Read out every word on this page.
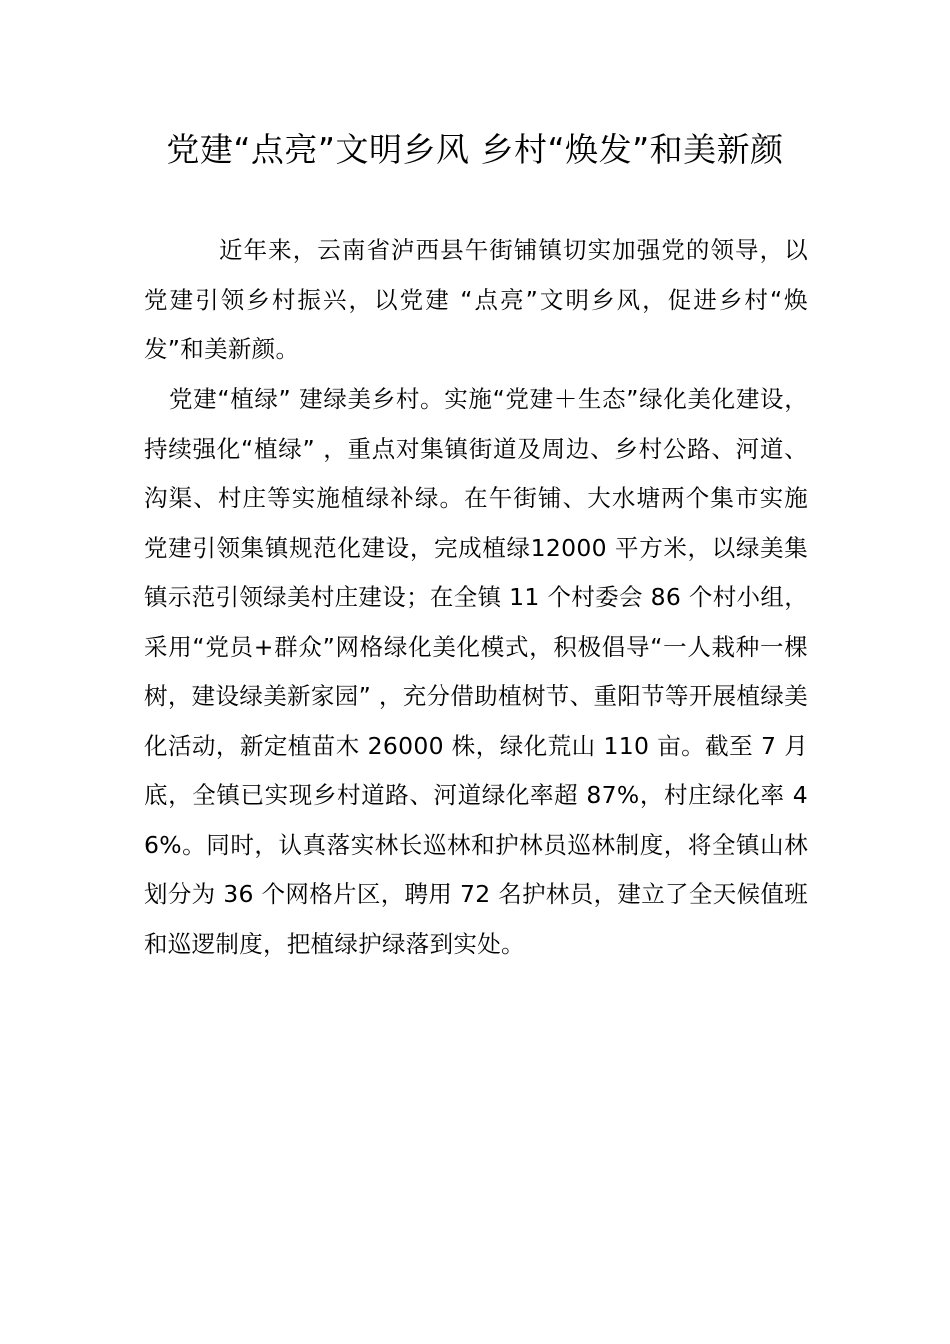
党建“点亮”文明乡风 乡村“焕发”和美新颜

近年来，云南省泸西县午街铺镇切实加强党的领导，以党建引领乡村振兴，以党建 “点亮”文明乡风，促进乡村“焕发”和美新颜。

党建“植绿” 建绿美乡村。实施“党建＋生态”绿化美化建设，持续强化“植绿” ，重点对集镇街道及周边、乡村公路、河道、沟渠、村庄等实施植绿补绿。在午街铺、大水塘两个集市实施党建引领集镇规范化建设，完成植绿12000 平方米，以绿美集镇示范引领绿美村庄建设；在全镇 11 个村委会 86 个村小组，采用“党员+群众”网格绿化美化模式，积极倡导“一人栽种一棵树，建设绿美新家园” ，充分借助植树节、重阳节等开展植绿美化活动，新定植苗木 26000 株，绿化荒山 110 亩。截至 7 月底，全镇已实现乡村道路、河道绿化率超 87%，村庄绿化率 46%。同时，认真落实林长巡林和护林员巡林制度，将全镇山林划分为 36 个网格片区，聘用 72 名护林员，建立了全天候值班和巡逻制度，把植绿护绿落到实处。
